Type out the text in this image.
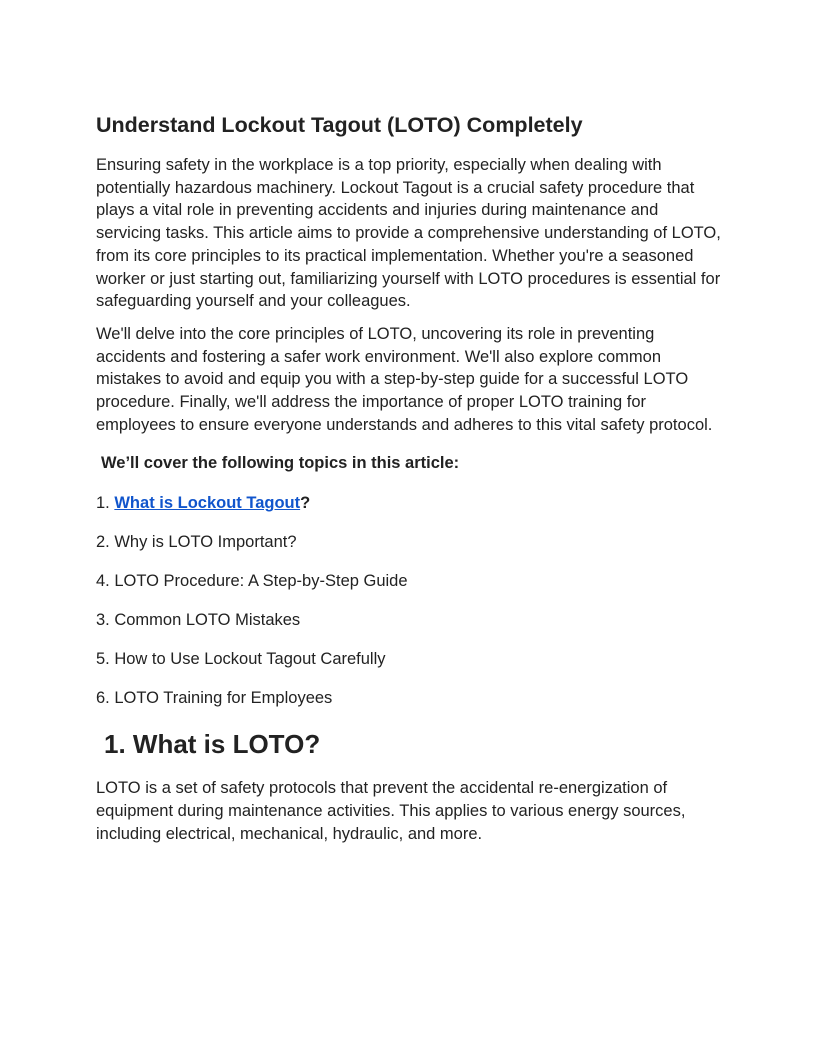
Understand Lockout Tagout (LOTO) Completely

Ensuring safety in the workplace is a top priority, especially when dealing with potentially hazardous machinery. Lockout Tagout is a crucial safety procedure that plays a vital role in preventing accidents and injuries during maintenance and servicing tasks. This article aims to provide a comprehensive understanding of LOTO, from its core principles to its practical implementation. Whether you're a seasoned worker or just starting out, familiarizing yourself with LOTO procedures is essential for safeguarding yourself and your colleagues.

We'll delve into the core principles of LOTO, uncovering its role in preventing accidents and fostering a safer work environment. We'll also explore common mistakes to avoid and equip you with a step-by-step guide for a successful LOTO procedure. Finally, we'll address the importance of proper LOTO training for employees to ensure everyone understands and adheres to this vital safety protocol.

We’ll cover the following topics in this article:

1. What is Lockout Tagout?

2. Why is LOTO Important?

4. LOTO Procedure: A Step-by-Step Guide

3. Common LOTO Mistakes

5. How to Use Lockout Tagout Carefully

6. LOTO Training for Employees

1. What is LOTO?

LOTO is a set of safety protocols that prevent the accidental re-energization of equipment during maintenance activities. This applies to various energy sources, including electrical, mechanical, hydraulic, and more.
